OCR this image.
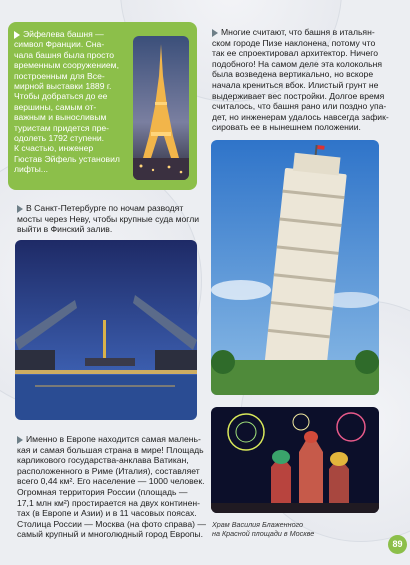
Эйфелева башня —
символ Франции. Сна-
чала башня была просто
временным сооружением,
построенным для Все-
мирной выставки 1889 г.
Чтобы добраться до ее
вершины, самым от-
важным и выносливым
туристам придется пре-
одолеть 1792 ступени.
К счастью, инженер
Гюстав Эйфель установил
лифты...

Многие считают, что башня в итальян-
ском городе Пизе наклонена, потому что
так ее спроектировал архитектор. Ничего
подобного! На самом деле эта колокольня
была возведена вертикально, но вскоре
начала крениться вбок. Илистый грунт не
выдерживает вес постройки. Долгое время
считалось, что башня рано или поздно упа-
дет, но инженерам удалось навсегда зафик-
сировать ее в нынешнем положении.

В Санкт-Петербурге по ночам разводят
мосты через Неву, чтобы крупные суда могли
выйти в Финский залив.

Именно в Европе находится самая малень-
кая и самая большая страна в мире! Площадь
карликового государства-анклава Ватикан,
расположенного в Риме (Италия), составляет
всего 0,44 км². Его население — 1000 человек.
Огромная территория России (площадь —
17,1 млн км²) простирается на двух континен-
тах (в Европе и Азии) и в 11 часовых поясах.
Столица России — Москва (на фото справа) —
самый крупный и многолюдный город Европы.

Храм Василия Блаженного
на Красной площади в Москве

89
